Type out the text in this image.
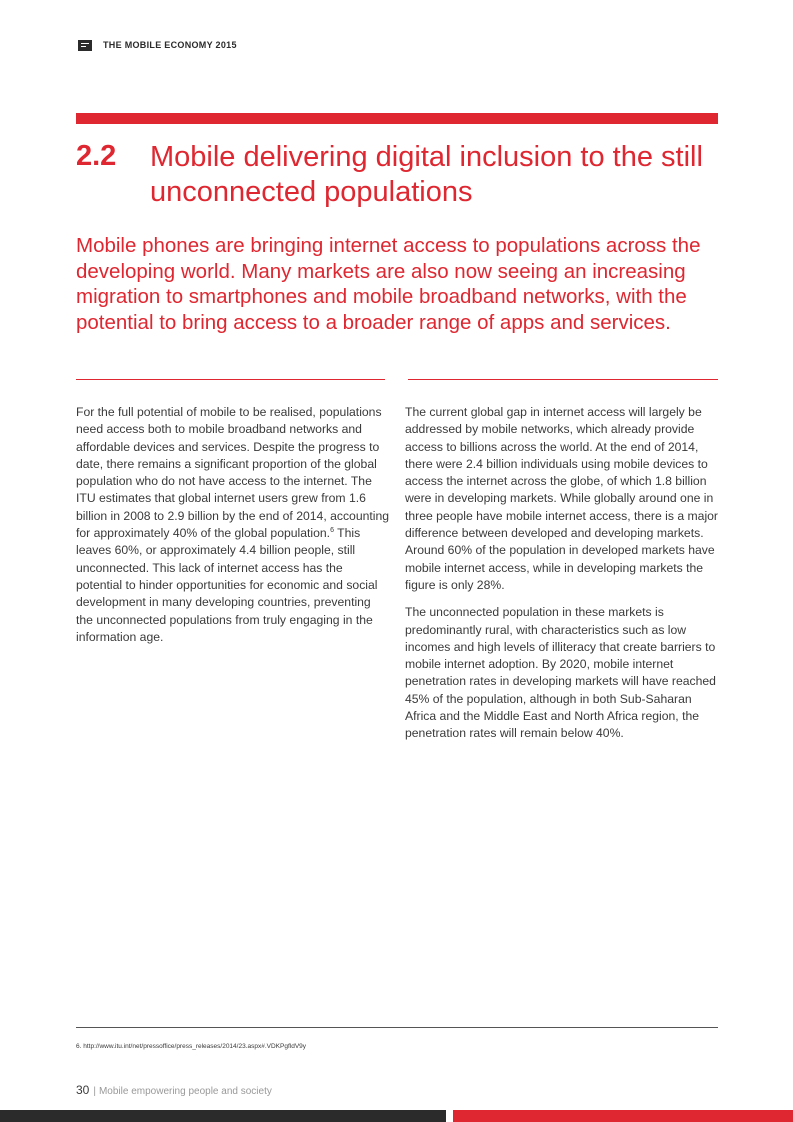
THE MOBILE ECONOMY 2015
2.2 Mobile delivering digital inclusion to the still unconnected populations
Mobile phones are bringing internet access to populations across the developing world. Many markets are also now seeing an increasing migration to smartphones and mobile broadband networks, with the potential to bring access to a broader range of apps and services.

For the full potential of mobile to be realised, populations need access both to mobile broadband networks and affordable devices and services. Despite the progress to date, there remains a significant proportion of the global population who do not have access to the internet. The ITU estimates that global internet users grew from 1.6 billion in 2008 to 2.9 billion by the end of 2014, accounting for approximately 40% of the global population.$^6$ This leaves 60%, or approximately 4.4 billion people, still unconnected. This lack of internet access has the potential to hinder opportunities for economic and social development in many developing countries, preventing the unconnected populations from truly engaging in the information age.

The current global gap in internet access will largely be addressed by mobile networks, which already provide access to billions across the world. At the end of 2014, there were 2.4 billion individuals using mobile devices to access the internet across the globe, of which 1.8 billion were in developing markets. While globally around one in three people have mobile internet access, there is a major difference between developed and developing markets. Around 60% of the population in developed markets have mobile internet access, while in developing markets the figure is only 28%.

The unconnected population in these markets is predominantly rural, with characteristics such as low incomes and high levels of illiteracy that create barriers to mobile internet adoption. By 2020, mobile internet penetration rates in developing markets will have reached 45% of the population, although in both Sub-Saharan Africa and the Middle East and North Africa region, the penetration rates will remain below 40%.

6. http://www.itu.int/net/pressoffice/press_releases/2014/23.aspx#.VDKPgfldV9y
30 | Mobile empowering people and society
